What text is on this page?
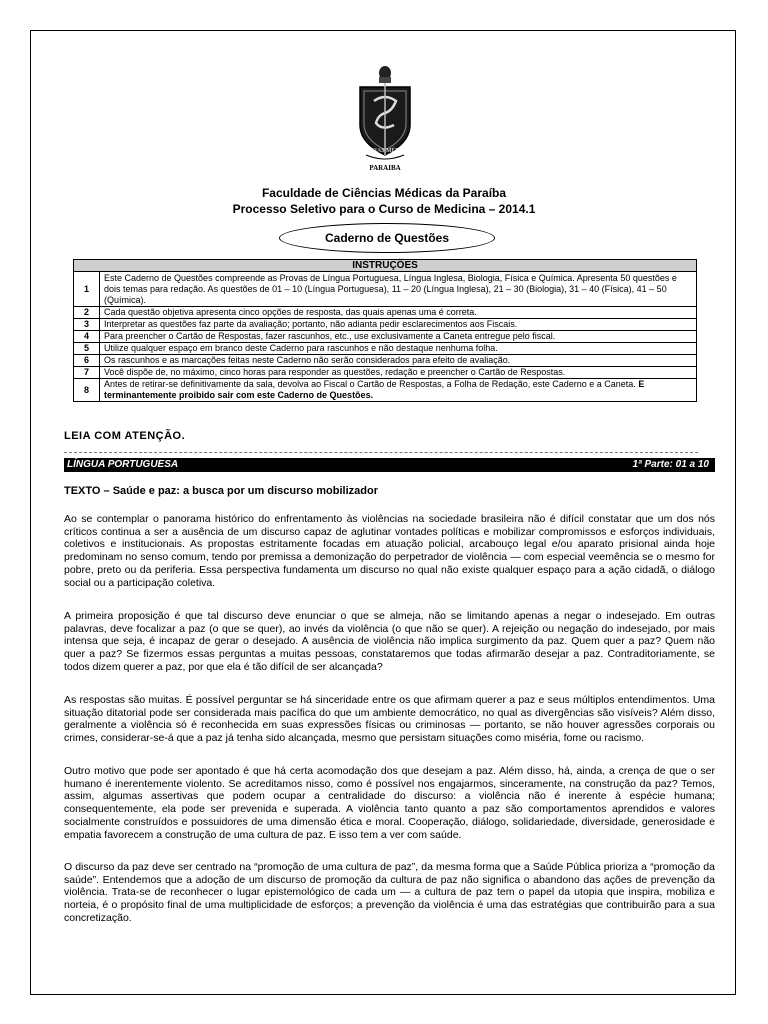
CIÊNCIAS MÉDICAS
PARAIBA
Faculdade de Ciências Médicas da Paraíba
Processo Seletivo para o Curso de Medicina – 2014.1
Caderno de Questões
INSTRUÇÕES	
1	Este Caderno de Questões compreende as Provas de Língua Portuguesa, Língua Inglesa, Biologia, Física e Química. Apresenta 50 questões e dois temas para redação. As questões de 01 – 10 (Língua Portuguesa), 11 – 20 (Língua Inglesa), 21 – 30 (Biologia), 31 – 40 (Física), 41 – 50 (Química).
2	Cada questão objetiva apresenta cinco opções de resposta, das quais apenas uma é correta.
3	Interpretar as questões faz parte da avaliação; portanto, não adianta pedir esclarecimentos aos Fiscais.
4	Para preencher o Cartão de Respostas, fazer rascunhos, etc., use exclusivamente a Caneta entregue pelo fiscal.
5	Utilize qualquer espaço em branco deste Caderno para rascunhos e não destaque nenhuma folha.
6	Os rascunhos e as marcações feitas neste Caderno não serão considerados para efeito de avaliação.
7	Você dispõe de, no máximo, cinco horas para responder as questões, redação e preencher o Cartão de Respostas.
8	Antes de retirar-se definitivamente da sala, devolva ao Fiscal o Cartão de Respostas, a Folha de Redação, este Caderno e a Caneta. E terminantemente proibido sair com este Caderno de Questões.
LEIA COM ATENÇÃO.
LÍNGUA PORTUGUESA	1ª Parte: 01 a 10
TEXTO – Saúde e paz: a busca por um discurso mobilizador
Ao se contemplar o panorama histórico do enfrentamento às violências na sociedade brasileira não é difícil constatar que um dos nós críticos continua a ser a ausência de um discurso capaz de aglutinar vontades políticas e mobilizar compromissos e esforços individuais, coletivos e institucionais. As propostas estritamente focadas em atuação policial, arcabouço legal e/ou aparato prisional ainda hoje predominam no senso comum, tendo por premissa a demonização do perpetrador de violência — com especial veemência se o mesmo for pobre, preto ou da periferia. Essa perspectiva fundamenta um discurso no qual não existe qualquer espaço para a ação cidadã, o diálogo social ou a participação coletiva.
A primeira proposição é que tal discurso deve enunciar o que se almeja, não se limitando apenas a negar o indesejado. Em outras palavras, deve focalizar a paz (o que se quer), ao invés da violência (o que não se quer). A rejeição ou negação do indesejado, por mais intensa que seja, é incapaz de gerar o desejado. A ausência de violência não implica surgimento da paz. Quem quer a paz? Quem não quer a paz? Se fizermos essas perguntas a muitas pessoas, constataremos que todas afirmarão desejar a paz. Contraditoriamente, se todos dizem querer a paz, por que ela é tão difícil de ser alcançada?
As respostas são muitas. É possível perguntar se há sinceridade entre os que afirmam querer a paz e seus múltiplos entendimentos. Uma situação ditatorial pode ser considerada mais pacífica do que um ambiente democrático, no qual as divergências são visíveis? Além disso, geralmente a violência só é reconhecida em suas expressões físicas ou criminosas — portanto, se não houver agressões corporais ou crimes, considerar-se-á que a paz já tenha sido alcançada, mesmo que persistam situações como miséria, fome ou racismo.
Outro motivo que pode ser apontado é que há certa acomodação dos que desejam a paz. Além disso, há, ainda, a crença de que o ser humano é inerentemente violento. Se acreditamos nisso, como é possível nos engajarmos, sinceramente, na construção da paz? Temos, assim, algumas assertivas que podem ocupar a centralidade do discurso: a violência não é inerente à espécie humana; consequentemente, ela pode ser prevenida e superada. A violência tanto quanto a paz são comportamentos aprendidos e valores socialmente construídos e possuidores de uma dimensão ética e moral. Cooperação, diálogo, solidariedade, diversidade, generosidade e empatia favorecem a construção de uma cultura de paz. E isso tem a ver com saúde.
O discurso da paz deve ser centrado na “promoção de uma cultura de paz”, da mesma forma que a Saúde Pública prioriza a “promoção da saúde”. Entendemos que a adoção de um discurso de promoção da cultura de paz não significa o abandono das ações de prevenção da violência. Trata-se de reconhecer o lugar epistemológico de cada um — a cultura de paz tem o papel da utopia que inspira, mobiliza e norteia, é o propósito final de uma multiplicidade de esforços; a prevenção da violência é uma das estratégias que contribuirão para a sua concretização.
